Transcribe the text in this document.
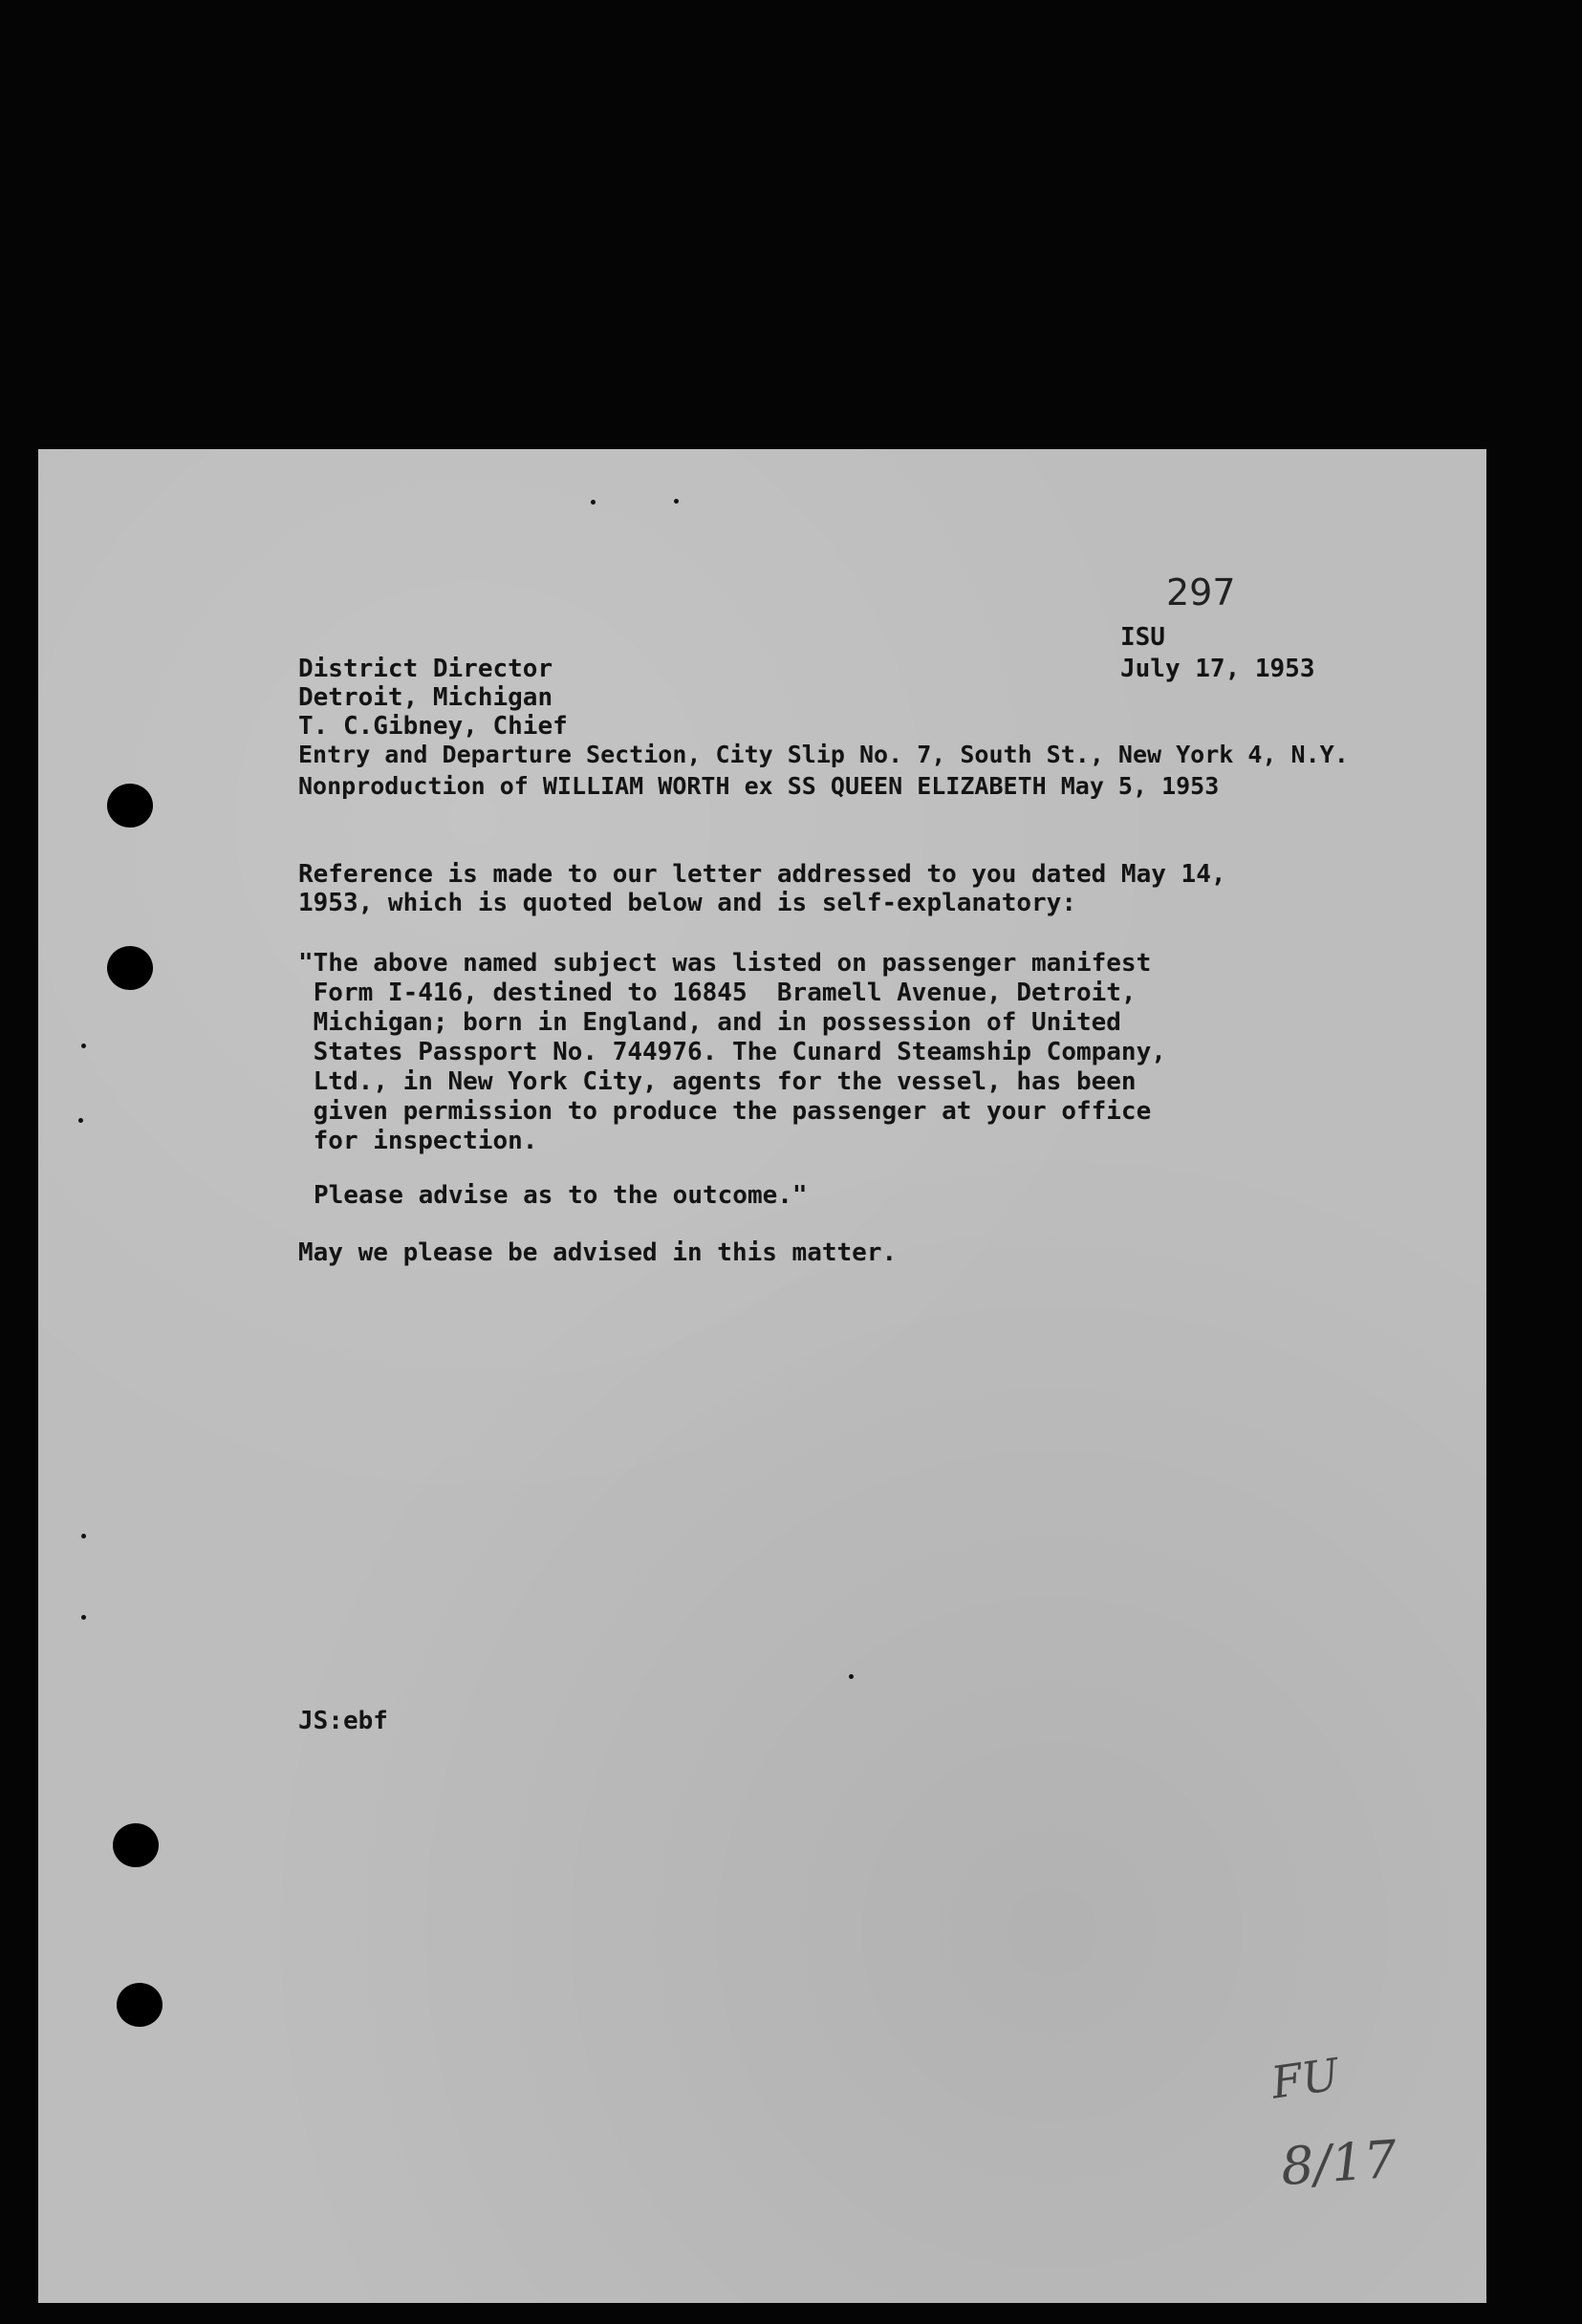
297
ISU
July 17, 1953
District Director
Detroit, Michigan
T. C.Gibney, Chief
Entry and Departure Section, City Slip No. 7, South St., New York 4, N.Y.
Nonproduction of WILLIAM WORTH ex SS QUEEN ELIZABETH May 5, 1953
Reference is made to our letter addressed to you dated May 14,
1953, which is quoted below and is self-explanatory:
"The above named subject was listed on passenger manifest
Form I-416, destined to 16845  Bramell Avenue, Detroit,
Michigan; born in England, and in possession of United
States Passport No. 744976. The Cunard Steamship Company,
Ltd., in New York City, agents for the vessel, has been
given permission to produce the passenger at your office
for inspection.
Please advise as to the outcome."
May we please be advised in this matter.
JS:ebf
FU
8/17
